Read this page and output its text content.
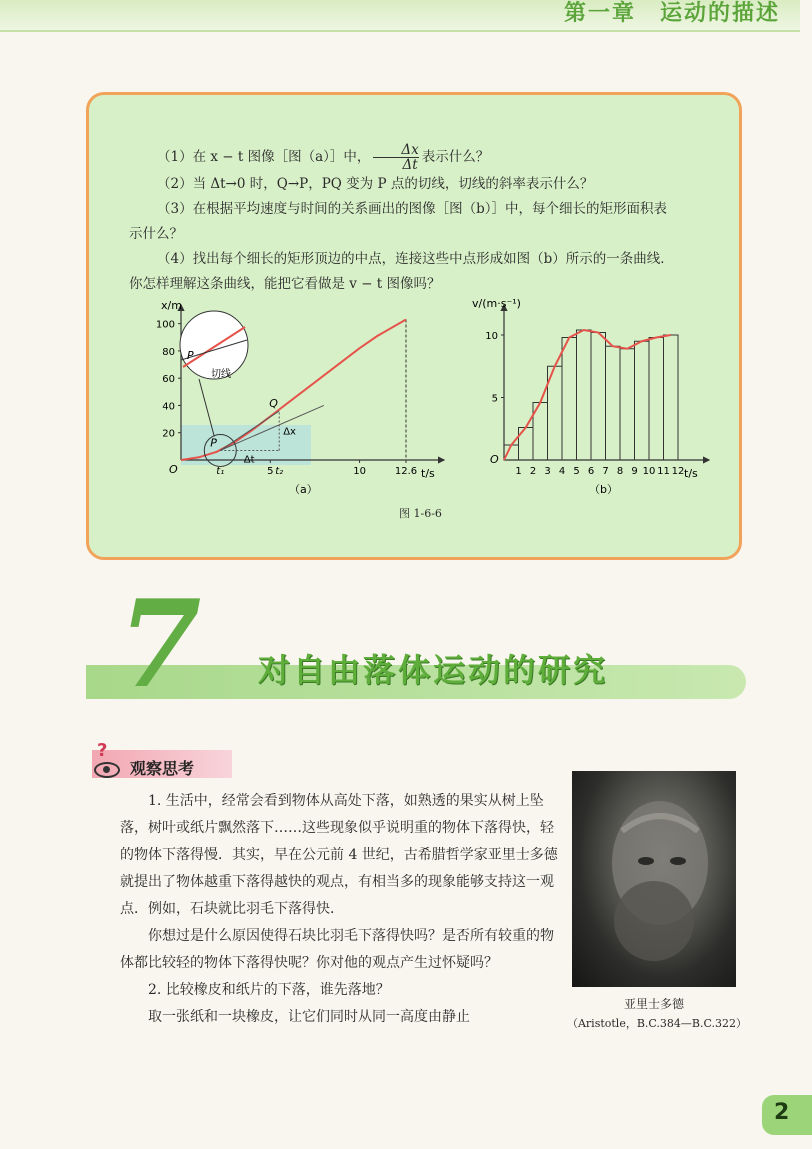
第一章　运动的描述

（1）在 x − t 图像［图（a）］中， $\frac{\Delta x}{\Delta t}$ 表示什么？

（2）当 Δt→0 时，Q→P，PQ 变为 P 点的切线，切线的斜率表示什么？

（3）在根据平均速度与时间的关系画出的图像［图（b）］中，每个细长的矩形面积表

示什么？

（4）找出每个细长的矩形顶边的中点，连接这些中点形成如图（b）所示的一条曲线．

你怎样理解这条曲线，能把它看做是 v − t 图像吗？

x/m
t/s
O
（a）
20
40
60
80
100
5	10	12.6
P
切线
P
Q
Δx
Δt
t₁	t₂
v/(m·s⁻¹)
t/s
O
（b）
5
10
1 2 3 4 5 6 7 8 9 10 11 12
图 1-6-6
7 对自由落体运动的研究
?
观察思考

1. 生活中，经常会看到物体从高处下落，如熟透的果实从树上坠落，树叶或纸片飘然落下……这些现象似乎说明重的物体下落得快，轻的物体下落得慢．其实，早在公元前 4 世纪，古希腊哲学家亚里士多德就提出了物体越重下落得越快的观点，有相当多的现象能够支持这一观点．例如，石块就比羽毛下落得快．

你想过是什么原因使得石块比羽毛下落得快吗？是否所有较重的物体都比较轻的物体下落得快呢？你对他的观点产生过怀疑吗？

2. 比较橡皮和纸片的下落，谁先落地？

取一张纸和一块橡皮，让它们同时从同一高度由静止

亚里士多德
（Aristotle，B.C.384—B.C.322）
2
